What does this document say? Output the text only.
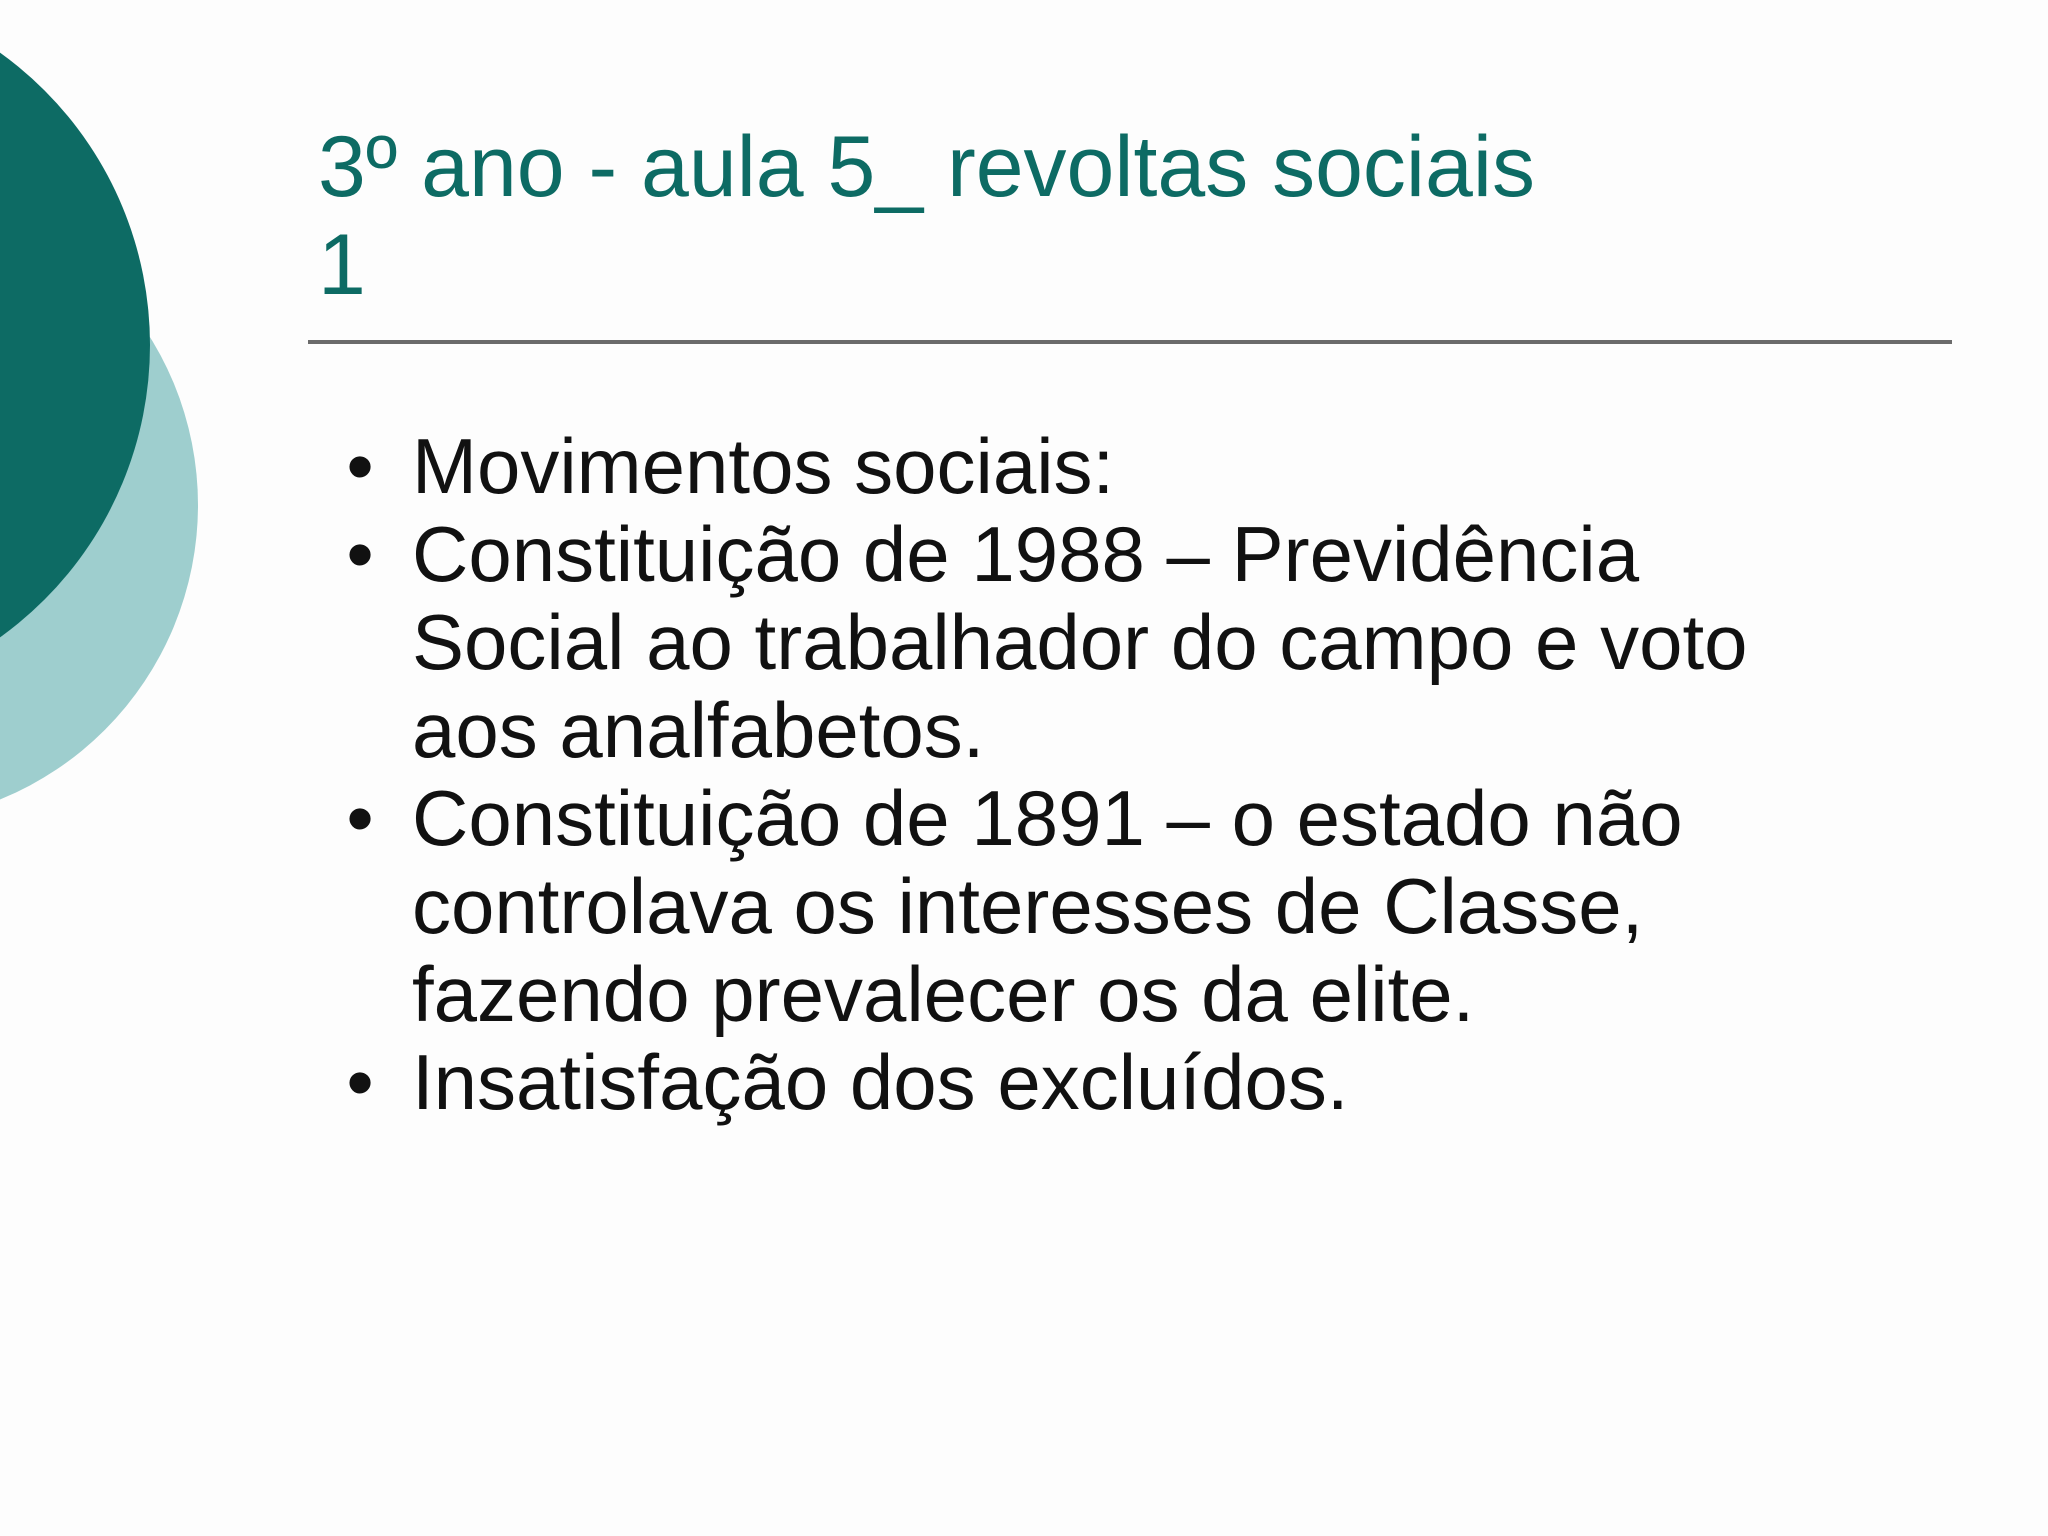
3º ano - aula 5_ revoltas sociais
1
• Movimentos sociais:
• Constituição de 1988 – Previdência
Social ao trabalhador do campo e voto
aos analfabetos.
• Constituição de 1891 – o estado não
controlava os interesses de Classe,
fazendo prevalecer os da elite.
• Insatisfação dos excluídos.
